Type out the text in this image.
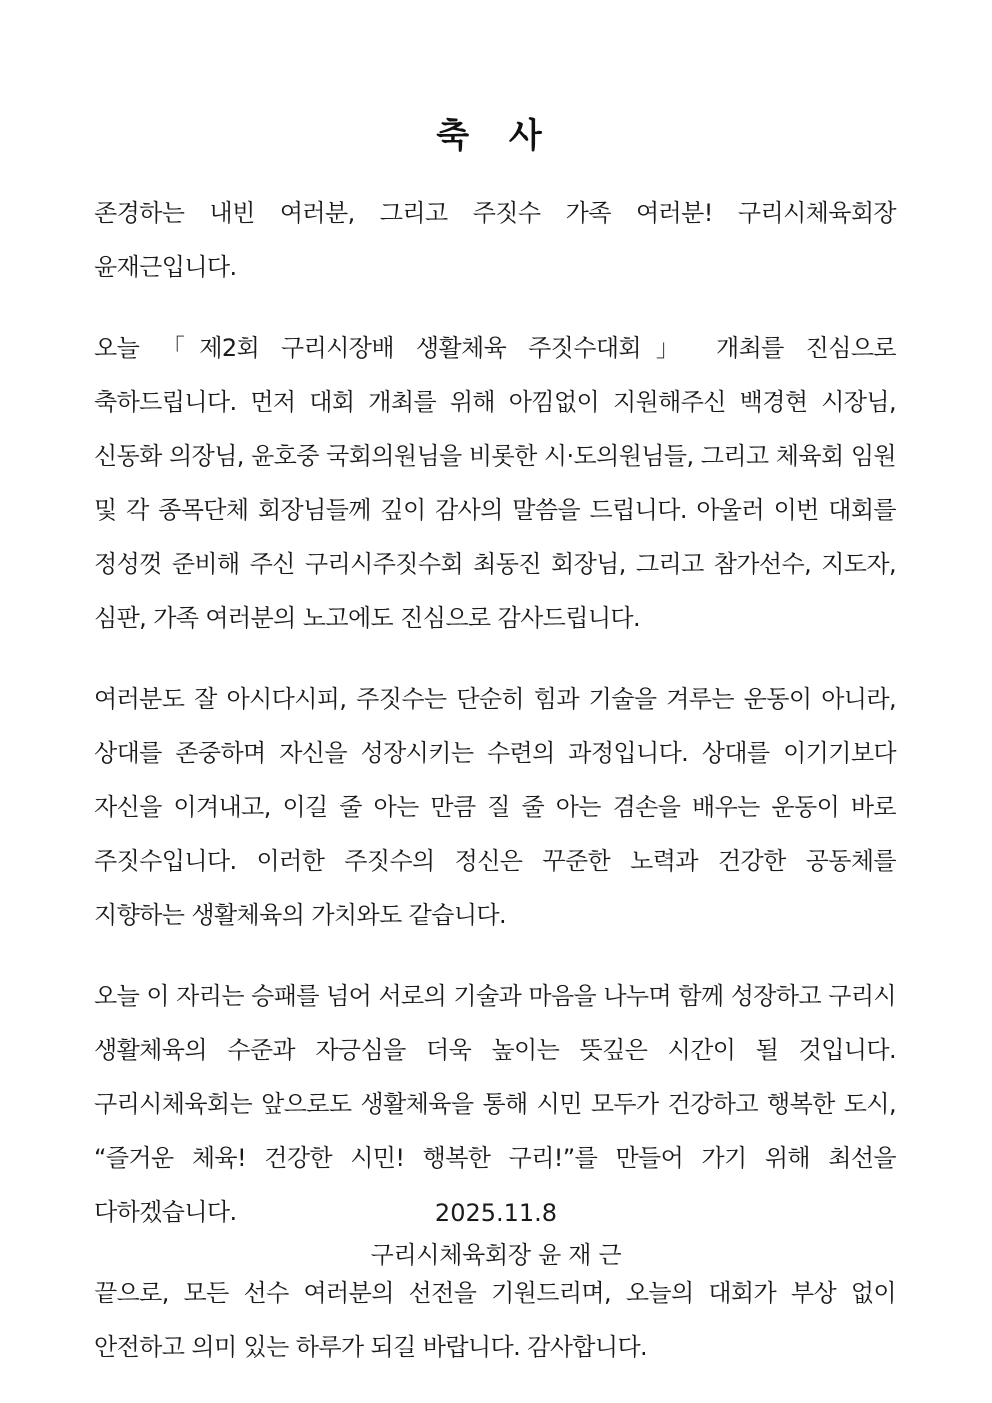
축 사

존경하는 내빈 여러분, 그리고 주짓수 가족 여러분! 구리시체육회장 윤재근입니다.

오늘 「제2회 구리시장배 생활체육 주짓수대회」 개최를 진심으로 축하드립니다. 먼저 대회 개최를 위해 아낌없이 지원해주신 백경현 시장님, 신동화 의장님, 윤호중 국회의원님을 비롯한 시·도의원님들, 그리고 체육회 임원 및 각 종목단체 회장님들께 깊이 감사의 말씀을 드립니다. 아울러 이번 대회를 정성껏 준비해 주신 구리시주짓수회 최동진 회장님, 그리고 참가선수, 지도자, 심판, 가족 여러분의 노고에도 진심으로 감사드립니다.

여러분도 잘 아시다시피, 주짓수는 단순히 힘과 기술을 겨루는 운동이 아니라, 상대를 존중하며 자신을 성장시키는 수련의 과정입니다. 상대를 이기기보다 자신을 이겨내고, 이길 줄 아는 만큼 질 줄 아는 겸손을 배우는 운동이 바로 주짓수입니다. 이러한 주짓수의 정신은 꾸준한 노력과 건강한 공동체를 지향하는 생활체육의 가치와도 같습니다.

오늘 이 자리는 승패를 넘어 서로의 기술과 마음을 나누며 함께 성장하고 구리시 생활체육의 수준과 자긍심을 더욱 높이는 뜻깊은 시간이 될 것입니다. 구리시체육회는 앞으로도 생활체육을 통해 시민 모두가 건강하고 행복한 도시, “즐거운 체육! 건강한 시민! 행복한 구리!”를 만들어 가기 위해 최선을 다하겠습니다.

끝으로, 모든 선수 여러분의 선전을 기원드리며, 오늘의 대회가 부상 없이 안전하고 의미 있는 하루가 되길 바랍니다. 감사합니다.

2025.11.8
구리시체육회장 윤 재 근
